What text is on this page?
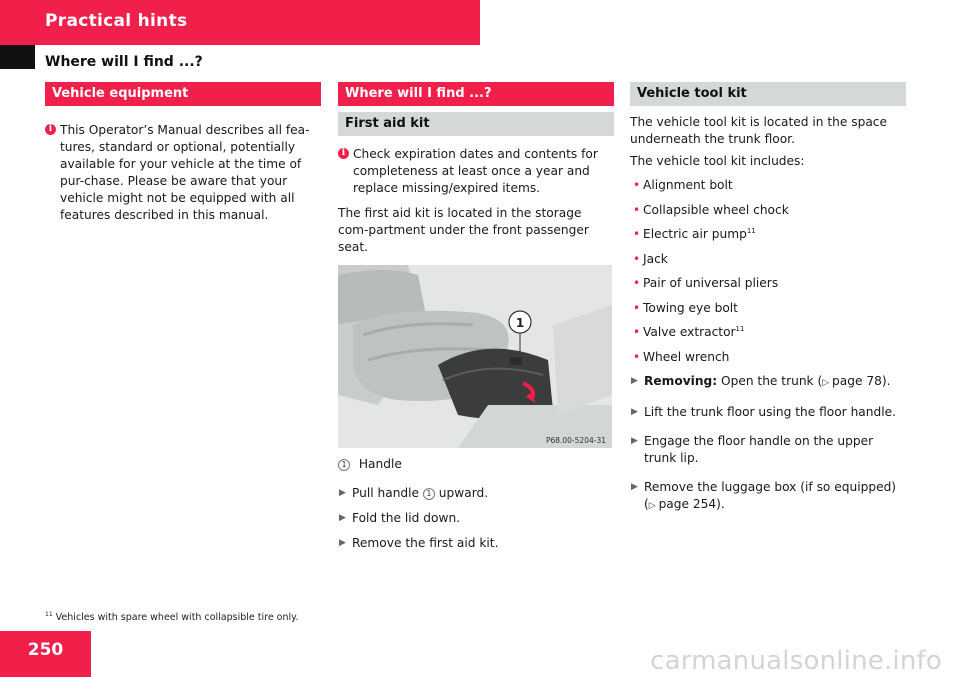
Practical hints
Where will I find ...?
Vehicle equipment
i This Operator’s Manual describes all fea-tures, standard or optional, potentially available for your vehicle at the time of pur-chase. Please be aware that your vehicle might not be equipped with all features described in this manual.
Where will I find ...?
First aid kit
i Check expiration dates and contents for completeness at least once a year and replace missing/expired items.
The first aid kit is located in the storage com-partment under the front passenger seat.
1
P68.00-5204-31
1 Handle
▶ Pull handle 1 upward.
▶ Fold the lid down.
▶ Remove the first aid kit.
Vehicle tool kit
The vehicle tool kit is located in the space underneath the trunk floor.
The vehicle tool kit includes:
• Alignment bolt
• Collapsible wheel chock
• Electric air pump$^{11}$
• Jack
• Pair of universal pliers
• Towing eye bolt
• Valve extractor$^{11}$
• Wheel wrench
▶ Removing: Open the trunk (▷ page 78).
▶ Lift the trunk floor using the floor handle.
▶ Engage the floor handle on the upper trunk lip.
▶ Remove the luggage box (if so equipped) (▷ page 254).
$^{11}$ Vehicles with spare wheel with collapsible tire only.
250	carmanualsonline.info
